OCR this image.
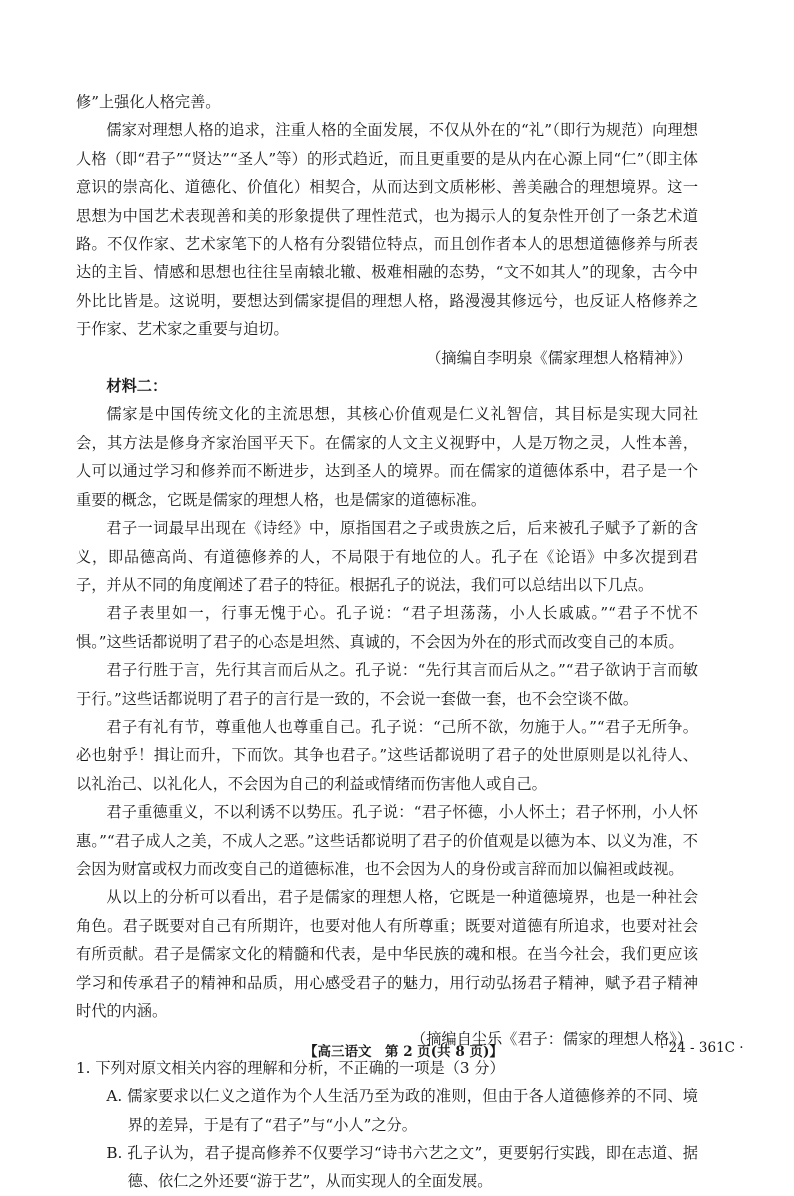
修”上强化人格完善。

儒家对理想人格的追求，注重人格的全面发展，不仅从外在的“礼”（即行为规范）向理想人格（即“君子”“贤达”“圣人”等）的形式趋近，而且更重要的是从内在心源上同“仁”（即主体意识的崇高化、道德化、价值化）相契合，从而达到文质彬彬、善美融合的理想境界。这一思想为中国艺术表现善和美的形象提供了理性范式，也为揭示人的复杂性开创了一条艺术道路。不仅作家、艺术家笔下的人格有分裂错位特点，而且创作者本人的思想道德修养与所表达的主旨、情感和思想也往往呈南辕北辙、极难相融的态势，“文不如其人”的现象，古今中外比比皆是。这说明，要想达到儒家提倡的理想人格，路漫漫其修远兮，也反证人格修养之于作家、艺术家之重要与迫切。

（摘编自李明泉《儒家理想人格精神》）

材料二：

儒家是中国传统文化的主流思想，其核心价值观是仁义礼智信，其目标是实现大同社会，其方法是修身齐家治国平天下。在儒家的人文主义视野中，人是万物之灵，人性本善，人可以通过学习和修养而不断进步，达到圣人的境界。而在儒家的道德体系中，君子是一个重要的概念，它既是儒家的理想人格，也是儒家的道德标准。

君子一词最早出现在《诗经》中，原指国君之子或贵族之后，后来被孔子赋予了新的含义，即品德高尚、有道德修养的人，不局限于有地位的人。孔子在《论语》中多次提到君子，并从不同的角度阐述了君子的特征。根据孔子的说法，我们可以总结出以下几点。

君子表里如一，行事无愧于心。孔子说：“君子坦荡荡，小人长戚戚。”“君子不忧不惧。”这些话都说明了君子的心态是坦然、真诚的，不会因为外在的形式而改变自己的本质。

君子行胜于言，先行其言而后从之。孔子说：“先行其言而后从之。”“君子欲讷于言而敏于行。”这些话都说明了君子的言行是一致的，不会说一套做一套，也不会空谈不做。

君子有礼有节，尊重他人也尊重自己。孔子说：“己所不欲，勿施于人。”“君子无所争。必也射乎！揖让而升，下而饮。其争也君子。”这些话都说明了君子的处世原则是以礼待人、以礼治己、以礼化人，不会因为自己的利益或情绪而伤害他人或自己。

君子重德重义，不以利诱不以势压。孔子说：“君子怀德，小人怀土；君子怀刑，小人怀惠。”“君子成人之美，不成人之恶。”这些话都说明了君子的价值观是以德为本、以义为准，不会因为财富或权力而改变自己的道德标准，也不会因为人的身份或言辞而加以偏袒或歧视。

从以上的分析可以看出，君子是儒家的理想人格，它既是一种道德境界，也是一种社会角色。君子既要对自己有所期许，也要对他人有所尊重；既要对道德有所追求，也要对社会有所贡献。君子是儒家文化的精髓和代表，是中华民族的魂和根。在当今社会，我们更应该学习和传承君子的精神和品质，用心感受君子的魅力，用行动弘扬君子精神，赋予君子精神时代的内涵。

（摘编自尘乐《君子：儒家的理想人格》）

1. 下列对原文相关内容的理解和分析，不正确的一项是（3 分）

A. 儒家要求以仁义之道作为个人生活乃至为政的准则，但由于各人道德修养的不同、境界的差异，于是有了“君子”与“小人”之分。

B. 孔子认为，君子提高修养不仅要学习“诗书六艺之文”，更要躬行实践，即在志道、据德、依仁之外还要“游于艺”，从而实现人的全面发展。

【高三语文　第 2 页(共 8 页)】	· 24 - 361C ·
